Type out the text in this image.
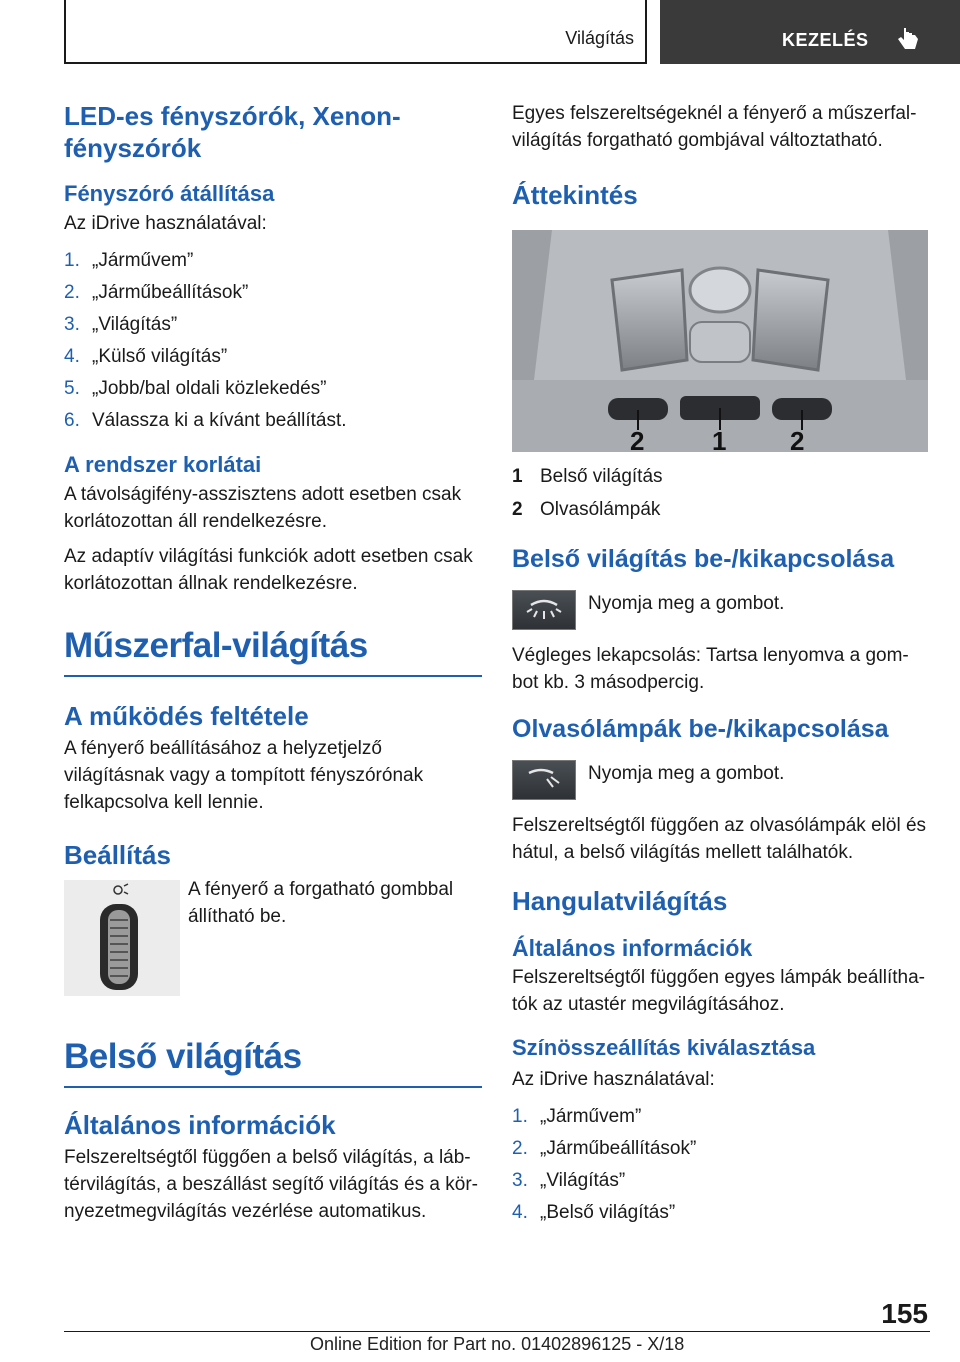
Világítás	KEZELÉS
LED-es fényszórók, Xenon-fényszórók
Fényszóró átállítása

Az iDrive használatával:

1. „Járművem”
2. „Járműbeállítások”
3. „Világítás”
4. „Külső világítás”
5. „Jobb/bal oldali közlekedés”
6. Válassza ki a kívánt beállítást.
A rendszer korlátai

A távolságifény-asszisztens adott esetben csak korlátozottan áll rendelkezésre.

Az adaptív világítási funkciók adott esetben csak korlátozottan állnak rendelkezésre.

Műszerfal-világítás
A működés feltétele

A fényerő beállításához a helyzetjelző világításnak vagy a tompított fényszórónak felkapcsolva kell lennie.

Beállítás

A fényerő a forgatható gombbal állítható be.

Belső világítás
Általános információk

Felszereltségtől függően a belső világítás, a láb-térvilágítás, a beszállást segítő világítás és a kör-nyezetmegvilágítás vezérlése automatikus.

Egyes felszereltségeknél a fényerő a műszerfal-világítás forgatható gombjával változtatható.

Áttekintés
2	1 2
1 Belső világítás
2 Olvasólámpák
Belső világítás be-/kikapcsolása

Nyomja meg a gombot.

Végleges lekapcsolás: Tartsa lenyomva a gom-bot kb. 3 másodpercig.

Olvasólámpák be-/kikapcsolása

Nyomja meg a gombot.

Felszereltségtől függően az olvasólámpák elöl és hátul, a belső világítás mellett találhatók.

Hangulatvilágítás
Általános információk

Felszereltségtől függően egyes lámpák beállítha-tók az utastér megvilágításához.

Színösszeállítás kiválasztása

Az iDrive használatával:

1. „Járművem”
2. „Járműbeállítások”
3. „Világítás”
4. „Belső világítás”
155
Online Edition for Part no. 01402896125 - X/18
